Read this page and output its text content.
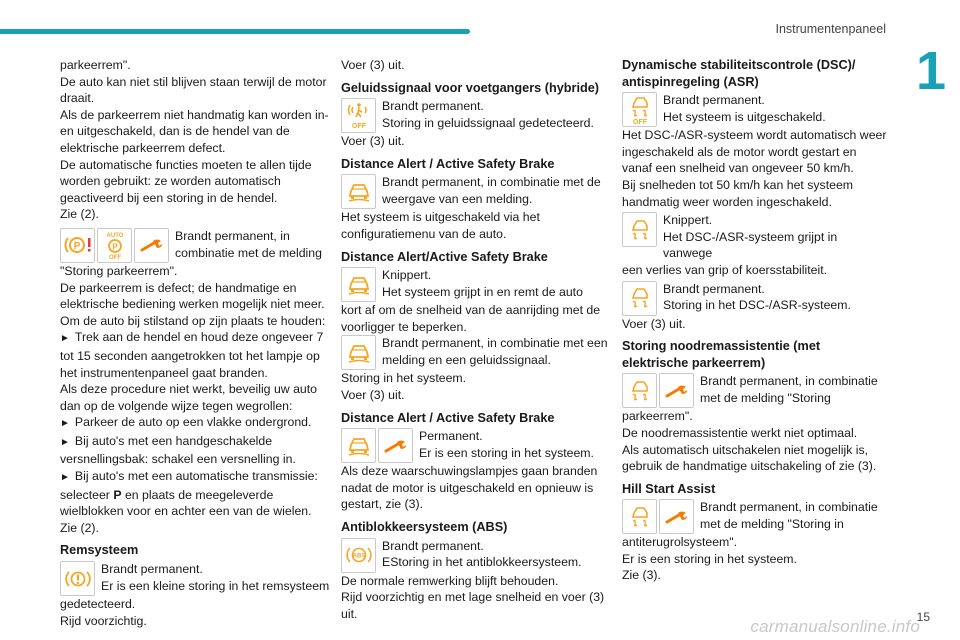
Instrumentenpaneel
1
15
carmanualsonline.info
parkeerrem".
De auto kan niet stil blijven staan terwijl de motor draait.
Als de parkeerrem niet handmatig kan worden in- en uitgeschakeld, dan is de hendel van de elektrische parkeerrem defect.
De automatische functies moeten te allen tijde worden gebruikt: ze worden automatisch geactiveerd bij een storing in de hendel.
Zie (2).
P
AUTO
P
OFF
Brandt permanent, in combinatie met de melding
"Storing parkeerrem".
De parkeerrem is defect; de handmatige en elektrische bediening werken mogelijk niet meer.
Om de auto bij stilstand op zijn plaats te houden:
► Trek aan de hendel en houd deze ongeveer 7 tot 15 seconden aangetrokken tot het lampje op het instrumentenpaneel gaat branden.
Als deze procedure niet werkt, beveilig uw auto dan op de volgende wijze tegen wegrollen:
► Parkeer de auto op een vlakke ondergrond.
► Bij auto's met een handgeschakelde versnellingsbak: schakel een versnelling in.
► Bij auto's met een automatische transmissie: selecteer P en plaats de meegeleverde wielblokken voor en achter een van de wielen.
Zie (2).
Remsysteem
Brandt permanent.
Er is een kleine storing in het remsysteem
gedetecteerd.
Rijd voorzichtig.
Voer (3) uit.
Geluidssignaal voor voetgangers (hybride)
OFF
Brandt permanent.
Storing in geluidssignaal gedetecteerd.
Voer (3) uit.
Distance Alert / Active Safety Brake
Brandt permanent, in combinatie met de weergave van een melding.
Het systeem is uitgeschakeld via het configuratiemenu van de auto.
Distance Alert/Active Safety Brake
Knippert.
Het systeem grijpt in en remt de auto
kort af om de snelheid van de aanrijding met de voorligger te beperken.
Brandt permanent, in combinatie met een melding en een geluidssignaal.
Storing in het systeem.
Voer (3) uit.
Distance Alert / Active Safety Brake
Permanent.
Er is een storing in het systeem.
Als deze waarschuwingslampjes gaan branden nadat de motor is uitgeschakeld en opnieuw is gestart, zie (3).
Antiblokkeersysteem (ABS)
ABS
Brandt permanent.
EStoring in het antiblokkeersysteem.
De normale remwerking blijft behouden.
Rijd voorzichtig en met lage snelheid en voer (3) uit.
Dynamische stabiliteitscontrole (DSC)/ antispinregeling (ASR)
OFF
Brandt permanent.
Het systeem is uitgeschakeld.
Het DSC-/ASR-systeem wordt automatisch weer ingeschakeld als de motor wordt gestart en vanaf een snelheid van ongeveer 50 km/h.
Bij snelheden tot 50 km/h kan het systeem handmatig weer worden ingeschakeld.
Knippert.
Het DSC-/ASR-systeem grijpt in vanwege
een verlies van grip of koersstabiliteit.
Brandt permanent.
Storing in het DSC-/ASR-systeem.
Voer (3) uit.
Storing noodremassistentie (met elektrische parkeerrem)
Brandt permanent, in combinatie met de melding "Storing
parkeerrem".
De noodremassistentie werkt niet optimaal.
Als automatisch uitschakelen niet mogelijk is, gebruik de handmatige uitschakeling of zie (3).
Hill Start Assist
Brandt permanent, in combinatie met de melding "Storing in
antiterugrolsysteem".
Er is een storing in het systeem.
Zie (3).
